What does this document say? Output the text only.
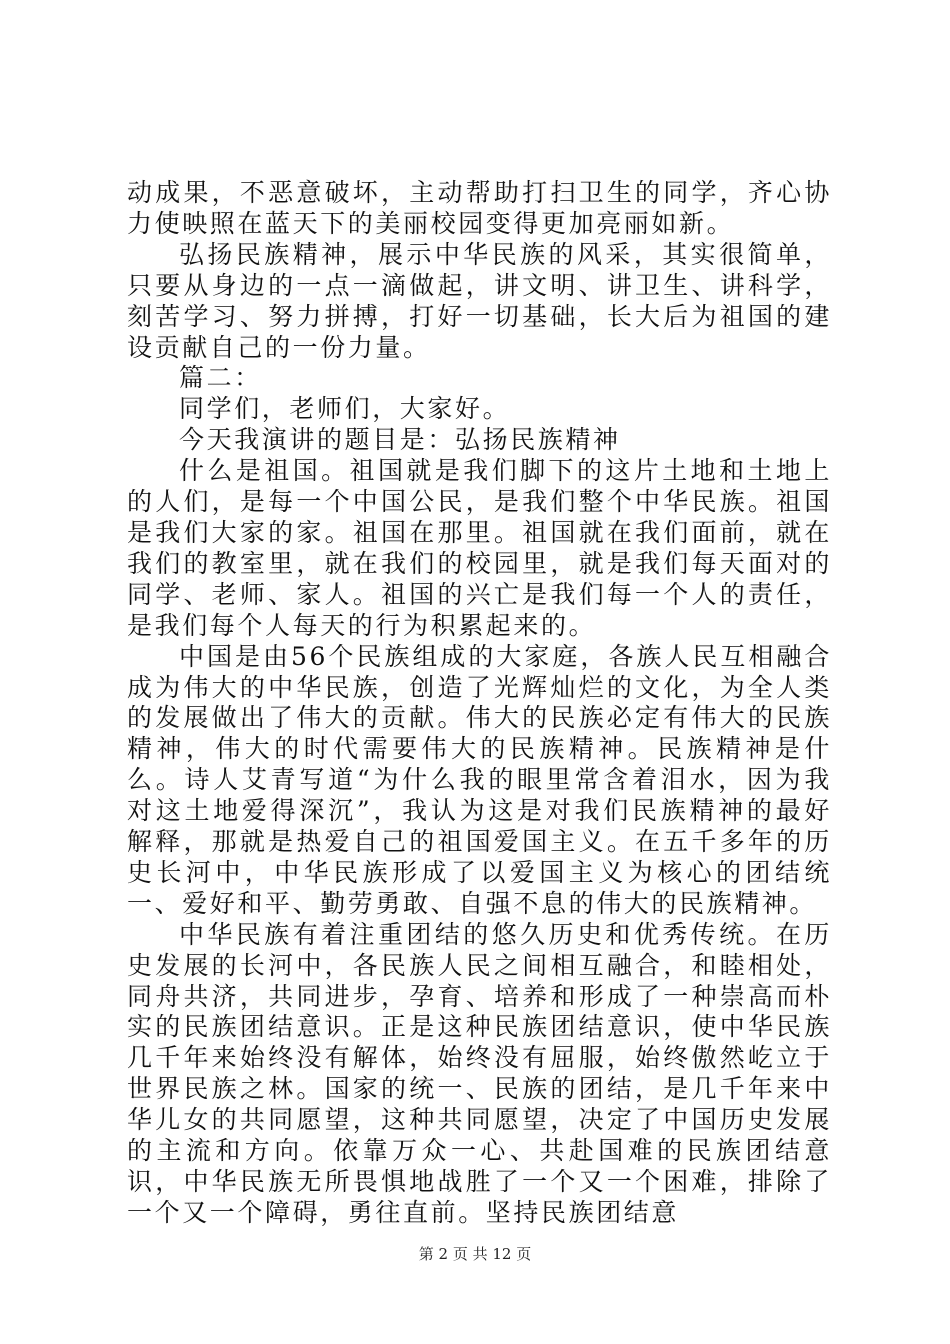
动成果，不恶意破坏，主动帮助打扫卫生的同学，齐心协力使映照在蓝天下的美丽校园变得更加亮丽如新。

弘扬民族精神，展示中华民族的风采，其实很简单，只要从身边的一点一滴做起，讲文明、讲卫生、讲科学，刻苦学习、努力拼搏，打好一切基础，长大后为祖国的建设贡献自己的一份力量。

篇二：

同学们，老师们，大家好。

今天我演讲的题目是：弘扬民族精神

什么是祖国。祖国就是我们脚下的这片土地和土地上的人们，是每一个中国公民，是我们整个中华民族。祖国是我们大家的家。祖国在那里。祖国就在我们面前，就在我们的教室里，就在我们的校园里，就是我们每天面对的同学、老师、家人。祖国的兴亡是我们每一个人的责任，是我们每个人每天的行为积累起来的。

中国是由56个民族组成的大家庭，各族人民互相融合成为伟大的中华民族，创造了光辉灿烂的文化，为全人类的发展做出了伟大的贡献。伟大的民族必定有伟大的民族精神，伟大的时代需要伟大的民族精神。民族精神是什么。诗人艾青写道“为什么我的眼里常含着泪水，因为我对这土地爱得深沉”，我认为这是对我们民族精神的最好解释，那就是热爱自己的祖国爱国主义。在五千多年的历史长河中，中华民族形成了以爱国主义为核心的团结统一、爱好和平、勤劳勇敢、自强不息的伟大的民族精神。

中华民族有着注重团结的悠久历史和优秀传统。在历史发展的长河中，各民族人民之间相互融合，和睦相处，同舟共济，共同进步，孕育、培养和形成了一种崇高而朴实的民族团结意识。正是这种民族团结意识，使中华民族几千年来始终没有解体，始终没有屈服，始终傲然屹立于世界民族之林。国家的统一、民族的团结，是几千年来中华儿女的共同愿望，这种共同愿望，决定了中国历史发展的主流和方向。依靠万众一心、共赴国难的民族团结意识，中华民族无所畏惧地战胜了一个又一个困难，排除了一个又一个障碍，勇往直前。坚持民族团结意

第 2 页 共 12 页
